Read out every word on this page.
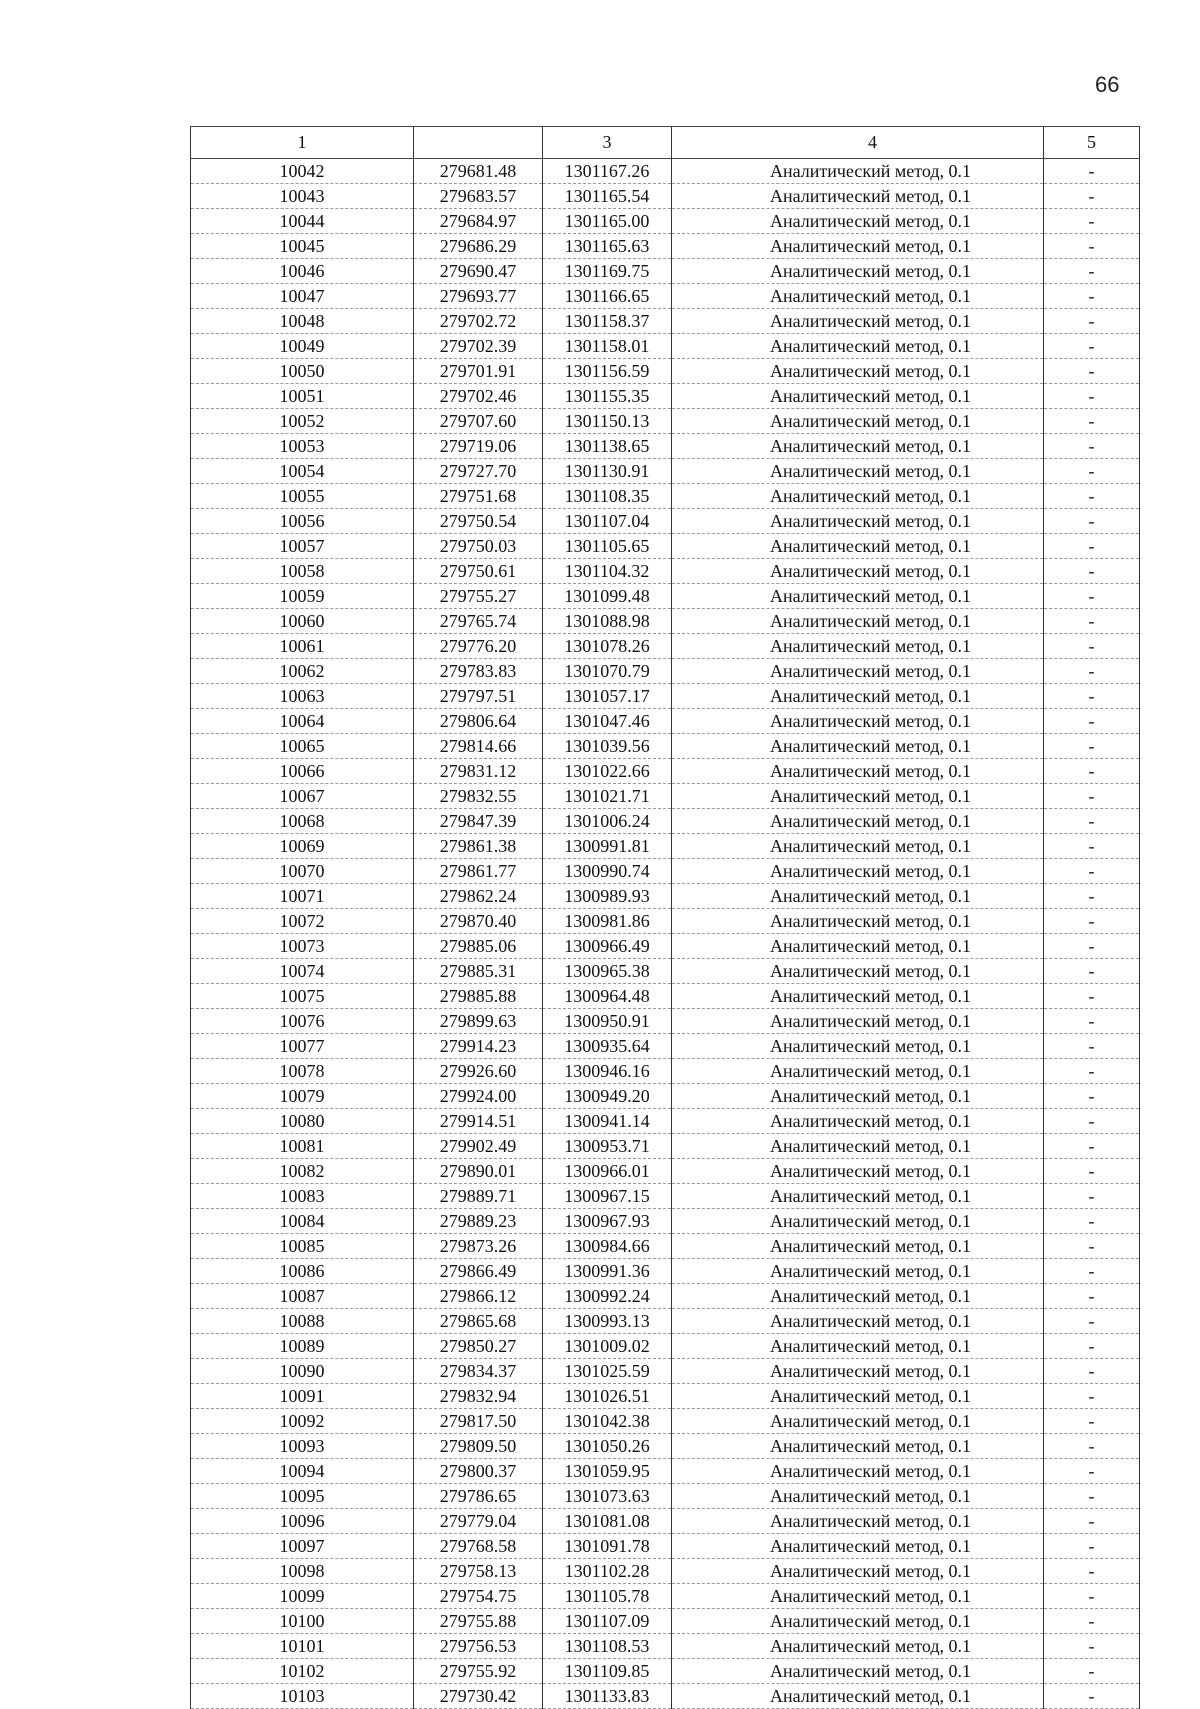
66
1		3	4	5
10042	279681.48	1301167.26	Аналитический метод, 0.1	-
10043	279683.57	1301165.54	Аналитический метод, 0.1	-
10044	279684.97	1301165.00	Аналитический метод, 0.1	-
10045	279686.29	1301165.63	Аналитический метод, 0.1	-
10046	279690.47	1301169.75	Аналитический метод, 0.1	-
10047	279693.77	1301166.65	Аналитический метод, 0.1	-
10048	279702.72	1301158.37	Аналитический метод, 0.1	-
10049	279702.39	1301158.01	Аналитический метод, 0.1	-
10050	279701.91	1301156.59	Аналитический метод, 0.1	-
10051	279702.46	1301155.35	Аналитический метод, 0.1	-
10052	279707.60	1301150.13	Аналитический метод, 0.1	-
10053	279719.06	1301138.65	Аналитический метод, 0.1	-
10054	279727.70	1301130.91	Аналитический метод, 0.1	-
10055	279751.68	1301108.35	Аналитический метод, 0.1	-
10056	279750.54	1301107.04	Аналитический метод, 0.1	-
10057	279750.03	1301105.65	Аналитический метод, 0.1	-
10058	279750.61	1301104.32	Аналитический метод, 0.1	-
10059	279755.27	1301099.48	Аналитический метод, 0.1	-
10060	279765.74	1301088.98	Аналитический метод, 0.1	-
10061	279776.20	1301078.26	Аналитический метод, 0.1	-
10062	279783.83	1301070.79	Аналитический метод, 0.1	-
10063	279797.51	1301057.17	Аналитический метод, 0.1	-
10064	279806.64	1301047.46	Аналитический метод, 0.1	-
10065	279814.66	1301039.56	Аналитический метод, 0.1	-
10066	279831.12	1301022.66	Аналитический метод, 0.1	-
10067	279832.55	1301021.71	Аналитический метод, 0.1	-
10068	279847.39	1301006.24	Аналитический метод, 0.1	-
10069	279861.38	1300991.81	Аналитический метод, 0.1	-
10070	279861.77	1300990.74	Аналитический метод, 0.1	-
10071	279862.24	1300989.93	Аналитический метод, 0.1	-
10072	279870.40	1300981.86	Аналитический метод, 0.1	-
10073	279885.06	1300966.49	Аналитический метод, 0.1	-
10074	279885.31	1300965.38	Аналитический метод, 0.1	-
10075	279885.88	1300964.48	Аналитический метод, 0.1	-
10076	279899.63	1300950.91	Аналитический метод, 0.1	-
10077	279914.23	1300935.64	Аналитический метод, 0.1	-
10078	279926.60	1300946.16	Аналитический метод, 0.1	-
10079	279924.00	1300949.20	Аналитический метод, 0.1	-
10080	279914.51	1300941.14	Аналитический метод, 0.1	-
10081	279902.49	1300953.71	Аналитический метод, 0.1	-
10082	279890.01	1300966.01	Аналитический метод, 0.1	-
10083	279889.71	1300967.15	Аналитический метод, 0.1	-
10084	279889.23	1300967.93	Аналитический метод, 0.1	-
10085	279873.26	1300984.66	Аналитический метод, 0.1	-
10086	279866.49	1300991.36	Аналитический метод, 0.1	-
10087	279866.12	1300992.24	Аналитический метод, 0.1	-
10088	279865.68	1300993.13	Аналитический метод, 0.1	-
10089	279850.27	1301009.02	Аналитический метод, 0.1	-
10090	279834.37	1301025.59	Аналитический метод, 0.1	-
10091	279832.94	1301026.51	Аналитический метод, 0.1	-
10092	279817.50	1301042.38	Аналитический метод, 0.1	-
10093	279809.50	1301050.26	Аналитический метод, 0.1	-
10094	279800.37	1301059.95	Аналитический метод, 0.1	-
10095	279786.65	1301073.63	Аналитический метод, 0.1	-
10096	279779.04	1301081.08	Аналитический метод, 0.1	-
10097	279768.58	1301091.78	Аналитический метод, 0.1	-
10098	279758.13	1301102.28	Аналитический метод, 0.1	-
10099	279754.75	1301105.78	Аналитический метод, 0.1	-
10100	279755.88	1301107.09	Аналитический метод, 0.1	-
10101	279756.53	1301108.53	Аналитический метод, 0.1	-
10102	279755.92	1301109.85	Аналитический метод, 0.1	-
10103	279730.42	1301133.83	Аналитический метод, 0.1	-
